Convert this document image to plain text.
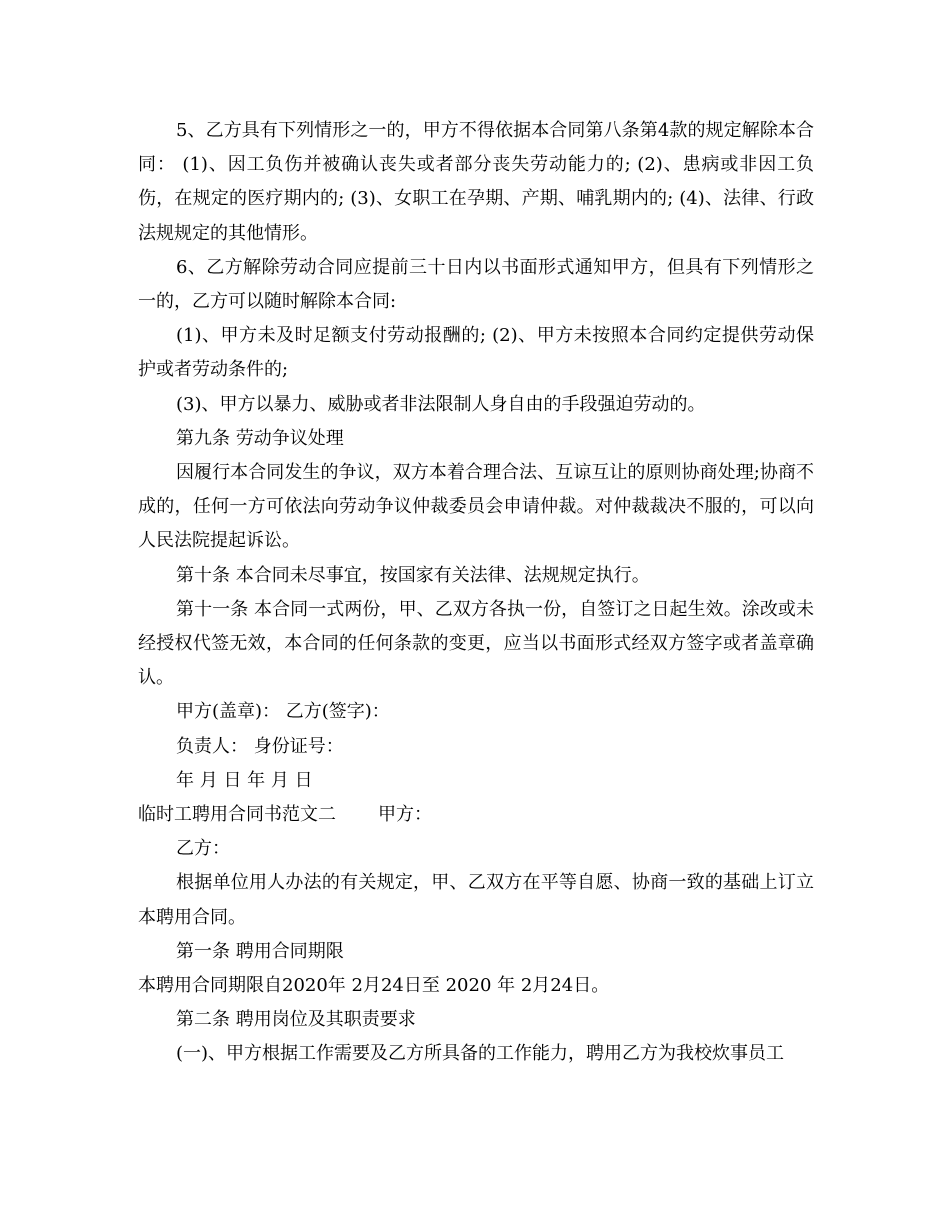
5、乙方具有下列情形之一的，甲方不得依据本合同第八条第4款的规定解除本合同： (1)、因工负伤并被确认丧失或者部分丧失劳动能力的; (2)、患病或非因工负伤，在规定的医疗期内的; (3)、女职工在孕期、产期、哺乳期内的; (4)、法律、行政法规规定的其他情形。

6、乙方解除劳动合同应提前三十日内以书面形式通知甲方，但具有下列情形之一的，乙方可以随时解除本合同:

(1)、甲方未及时足额支付劳动报酬的; (2)、甲方未按照本合同约定提供劳动保护或者劳动条件的;

(3)、甲方以暴力、威胁或者非法限制人身自由的手段强迫劳动的。

第九条 劳动争议处理

因履行本合同发生的争议，双方本着合理合法、互谅互让的原则协商处理;协商不成的，任何一方可依法向劳动争议仲裁委员会申请仲裁。对仲裁裁决不服的，可以向人民法院提起诉讼。

第十条 本合同未尽事宜，按国家有关法律、法规规定执行。

第十一条 本合同一式两份，甲、乙双方各执一份，自签订之日起生效。涂改或未经授权代签无效，本合同的任何条款的变更，应当以书面形式经双方签字或者盖章确认。

甲方(盖章)： 乙方(签字)：

负责人： 身份证号：

年 月 日 年 月 日

临时工聘用合同书范文二 甲方：

乙方：

根据单位用人办法的有关规定，甲、乙双方在平等自愿、协商一致的基础上订立本聘用合同。

第一条 聘用合同期限

本聘用合同期限自2020年 2月24日至 2020 年 2月24日。

第二条 聘用岗位及其职责要求

(一)、甲方根据工作需要及乙方所具备的工作能力，聘用乙方为我校炊事员工
